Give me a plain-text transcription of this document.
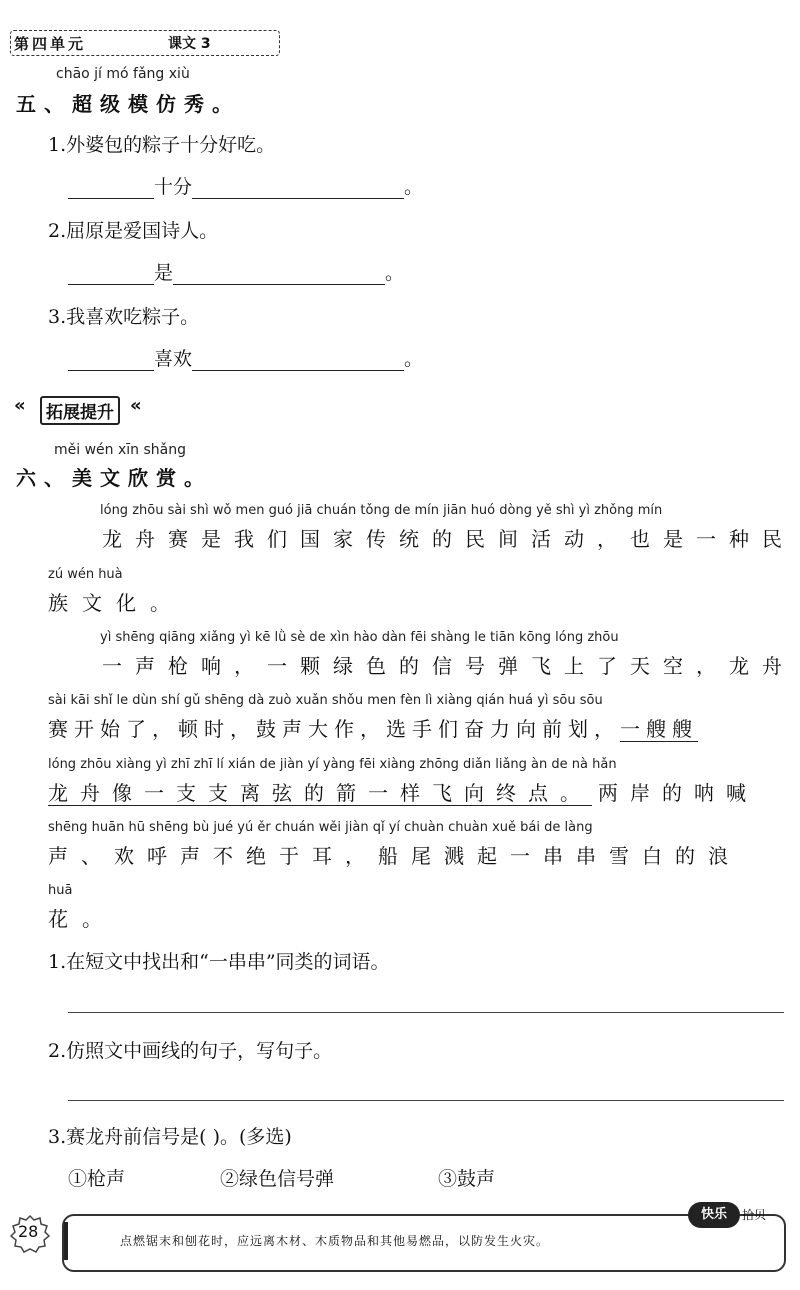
第四单元	课文 3
chāo jí mó fǎng xiù
五、超级模仿秀。
1.外婆包的粽子十分好吃。
十分	。
2.屈原是爱国诗人。
是	。
3.我喜欢吃粽子。
喜欢	。
«	拓展提升 «
měi wén xīn shǎng
六、美文欣赏。
lóng zhōu sài shì wǒ men guó jiā chuán tǒng de mín jiān huó dòng yě shì yì zhǒng mín
龙舟赛是我们国家传统的民间活动，也是一种民
zú wén huà
族文化。
yì shēng qiāng xiǎng yì kē lǜ sè de xìn hào dàn fēi shàng le tiān kōng lóng zhōu
一声枪响，一颗绿色的信号弹飞上了天空，龙舟
sài kāi shǐ le dùn shí gǔ shēng dà zuò xuǎn shǒu men fèn lì xiàng qián huá yì sōu sōu
赛开始了，顿时，鼓声大作，选手们奋力向前划，一艘艘
lóng zhōu xiàng yì zhī zhī lí xián de jiàn yí yàng fēi xiàng zhōng diǎn liǎng àn de nà hǎn
龙舟像一支支离弦的箭一样飞向终点。 两岸的呐喊
shēng huān hū shēng bù jué yú ěr chuán wěi jiàn qǐ yí chuàn chuàn xuě bái de làng
声、欢呼声不绝于耳，船尾溅起一串串雪白的浪
huā
花。
1.在短文中找出和“一串串”同类的词语。
2.仿照文中画线的句子，写句子。
3.赛龙舟前信号是( )。(多选)
①枪声	②绿色信号弹	③鼓声
28	点燃锯末和刨花时，应远离木材、木质物品和其他易燃品，以防发生火灾。
快乐	拾贝
